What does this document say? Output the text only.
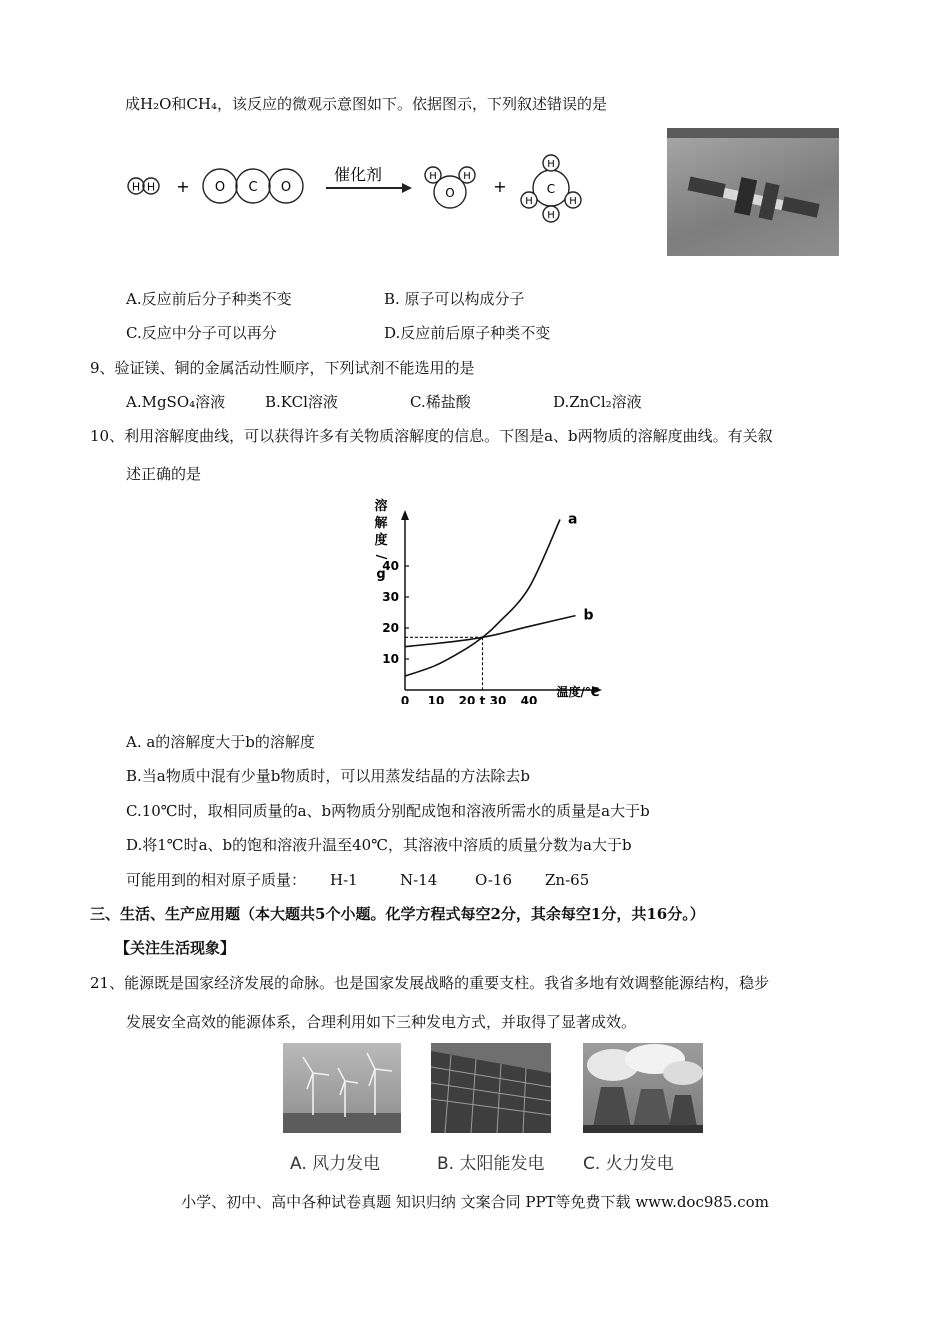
成H₂O和CH₄，该反应的微观示意图如下。依据图示，下列叙述错误的是
H H + O C O
催化剂
O
H	H
+	C
H
H	H
H
A.反应前后分子种类不变	B. 原子可以构成分子
C.反应中分子可以再分	D.反应前后原子种类不变
9、验证镁、铜的金属活动性顺序，下列试剂不能选用的是
A.MgSO₄溶液	B.KCl溶液	C.稀盐酸	D.ZnCl₂溶液
10、利用溶解度曲线，可以获得许多有关物质溶解度的信息。下图是a、b两物质的溶解度曲线。有关叙
述正确的是
溶
解
度
/
g
0 10 20 t 30 40
10
20
30
40
a
b
温度/℃
A. a的溶解度大于b的溶解度
B.当a物质中混有少量b物质时，可以用蒸发结晶的方法除去b
C.10℃时，取相同质量的a、b两物质分别配成饱和溶液所需水的质量是a大于b
D.将1℃时a、b的饱和溶液升温至40℃，其溶液中溶质的质量分数为a大于b
可能用到的相对原子质量： H-1	N-14	O-16 Zn-65
三、生活、生产应用题（本大题共5个小题。化学方程式每空2分，其余每空1分，共16分。）
【关注生活现象】
21、能源既是国家经济发展的命脉。也是国家发展战略的重要支柱。我省多地有效调整能源结构，稳步
发展安全高效的能源体系，合理利用如下三种发电方式，并取得了显著成效。
A. 风力发电	B. 太阳能发电 C. 火力发电
小学、初中、高中各种试卷真题 知识归纳 文案合同 PPT等免费下载 www.doc985.com
